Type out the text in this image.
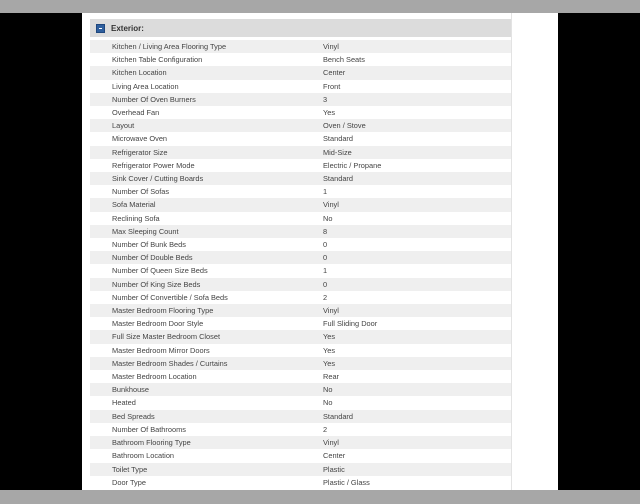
Exterior:
Kitchen / Living Area Flooring Type	Vinyl
Kitchen Table Configuration	Bench Seats
Kitchen Location	Center
Living Area Location	Front
Number Of Oven Burners	3
Overhead Fan	Yes
Layout	Oven / Stove
Microwave Oven	Standard
Refrigerator Size	Mid-Size
Refrigerator Power Mode	Electric / Propane
Sink Cover / Cutting Boards	Standard
Number Of Sofas	1
Sofa Material	Vinyl
Reclining Sofa	No
Max Sleeping Count	8
Number Of Bunk Beds	0
Number Of Double Beds	0
Number Of Queen Size Beds	1
Number Of King Size Beds	0
Number Of Convertible / Sofa Beds	2
Master Bedroom Flooring Type	Vinyl
Master Bedroom Door Style	Full Sliding Door
Full Size Master Bedroom Closet	Yes
Master Bedroom Mirror Doors	Yes
Master Bedroom Shades / Curtains	Yes
Master Bedroom Location	Rear
Bunkhouse	No
Heated	No
Bed Spreads	Standard
Number Of Bathrooms	2
Bathroom Flooring Type	Vinyl
Bathroom Location	Center
Toilet Type	Plastic
Door Type	Plastic / Glass
